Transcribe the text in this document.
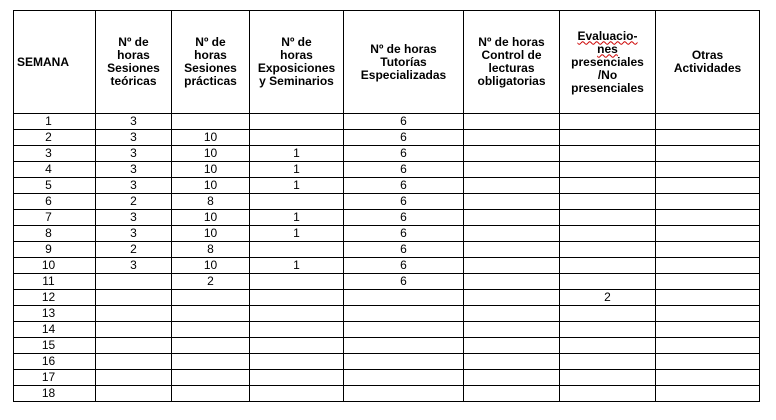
SEMANA	Nº de
horas
Sesiones
teóricas	Nº de
horas
Sesiones
prácticas	Nº de
horas
Exposiciones
y Seminarios	Nº de horas
Tutorías
Especializadas	Nº de horas
Control de
lecturas
obligatorias	Evaluacio-
nes
presenciales
/No
presenciales	Otras
Actividades

1	3			6			
2	3	10		6			
3	3	10	1	6			
4	3	10	1	6			
5	3	10	1	6			
6	2	8		6			
7	3	10	1	6			
8	3	10	1	6			
9	2	8		6			
10	3	10	1	6			
11		2		6			
12						2	
13							
14							
15							
16							
17							
18							
